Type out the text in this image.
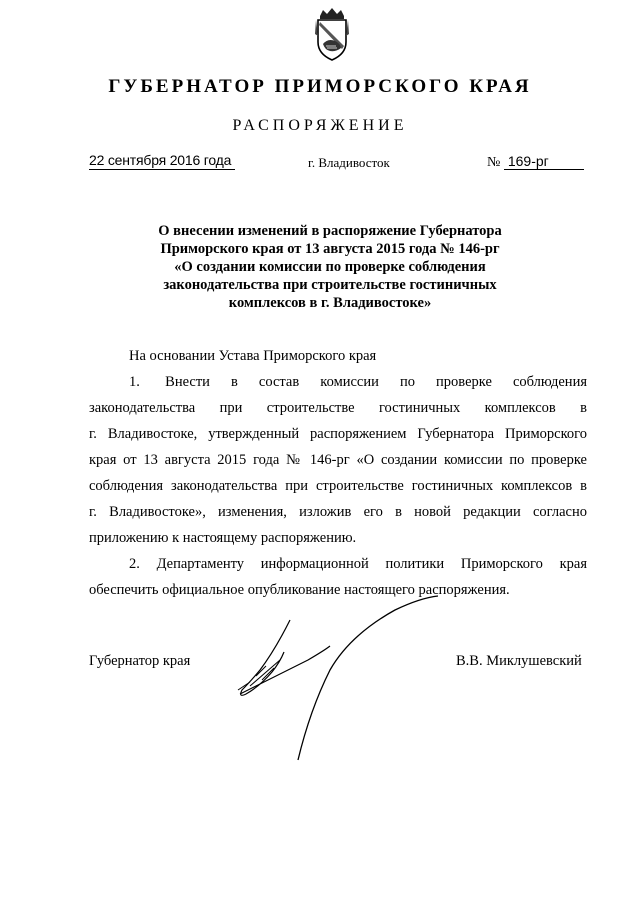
ГУБЕРНАТОР ПРИМОРСКОГО КРАЯ
РАСПОРЯЖЕНИЕ
22 сентября 2016 года	г. Владивосток	№ 169-рг
О внесении изменений в распоряжение Губернатора
Приморского края от 13 августа 2015 года № 146-рг
«О создании комиссии по проверке соблюдения
законодательства при строительстве гостиничных
комплексов в г. Владивостоке»

На основании Устава Приморского края

1.      Внести     в     состав     комиссии     по     проверке     соблюдения

законодательства     при     строительстве     гостиничных     комплексов     в

г. Владивостоке, утвержденный распоряжением Губернатора Приморского

края от 13 августа 2015 года № 146-рг «О создании комиссии по проверке

соблюдения законодательства при строительстве гостиничных комплексов в

г. Владивостоке», изменения, изложив его в новой редакции согласно

приложению к настоящему распоряжению.

2. Департаменту информационной политики Приморского края

обеспечить официальное опубликование настоящего распоряжения.

Губернатор края	В.В. Миклушевский
